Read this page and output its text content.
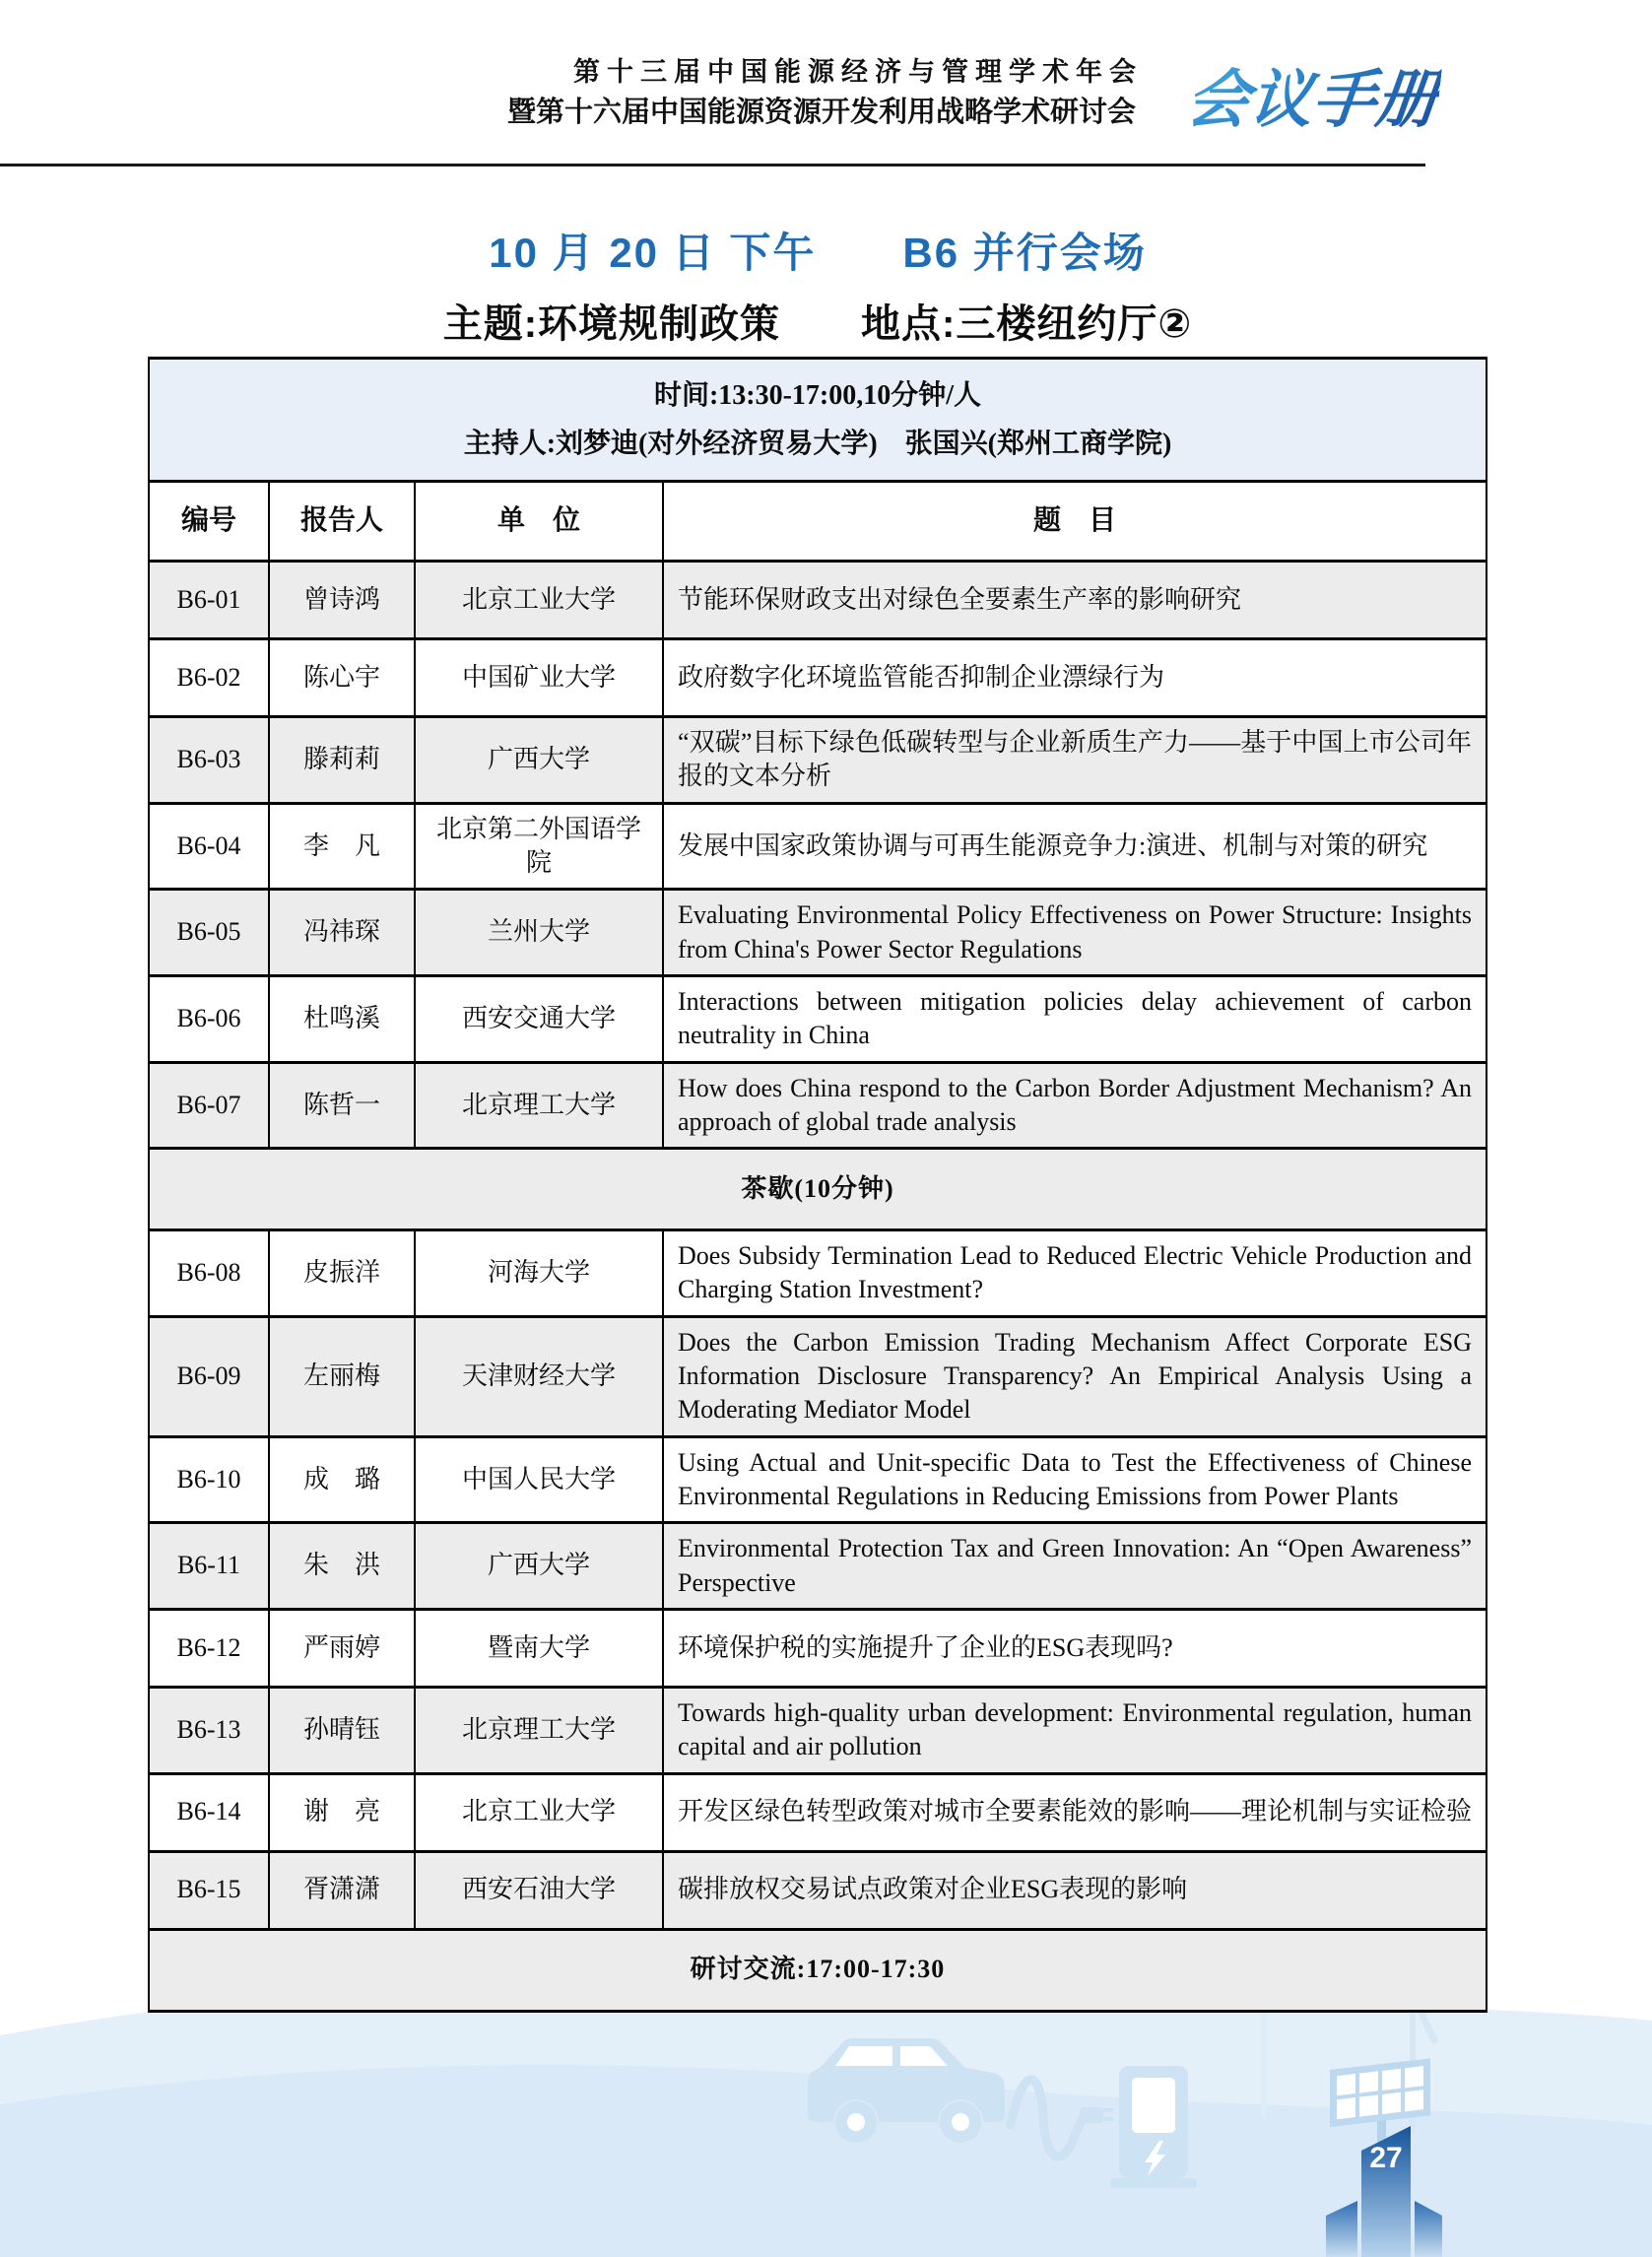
第十三届中国能源经济与管理学术年会
暨第十六届中国能源资源开发利用战略学术研讨会 会议手册
10 月 20 日 下午　　B6 并行会场
主题:环境规制政策　　地点:三楼纽约厅②
时间:13:30-17:00,10分钟/人
主持人:刘梦迪(对外经济贸易大学)　张国兴(郑州工商学院)			

编号	报告人	单　位	题　目
B6-01	曾诗鸿	北京工业大学	节能环保财政支出对绿色全要素生产率的影响研究
B6-02	陈心宇	中国矿业大学	政府数字化环境监管能否抑制企业漂绿行为
B6-03	滕莉莉	广西大学	“双碳”目标下绿色低碳转型与企业新质生产力——基于中国上市公司年报的文本分析
B6-04	李　凡	北京第二外国语学院	发展中国家政策协调与可再生能源竞争力:演进、机制与对策的研究
B6-05	冯祎琛	兰州大学	Evaluating Environmental Policy Effectiveness on Power Structure: Insights from China's Power Sector Regulations
B6-06	杜鸣溪	西安交通大学	Interactions between mitigation policies delay achievement of carbon neutrality in China
B6-07	陈哲一	北京理工大学	How does China respond to the Carbon Border Adjustment Mechanism? An approach of global trade analysis
茶歇(10分钟)			
B6-08	皮振洋	河海大学	Does Subsidy Termination Lead to Reduced Electric Vehicle Production and Charging Station Investment?
B6-09	左丽梅	天津财经大学	Does the Carbon Emission Trading Mechanism Affect Corporate ESG Information Disclosure Transparency? An Empirical Analysis Using a Moderating Mediator Model
B6-10	成　璐	中国人民大学	Using Actual and Unit-specific Data to Test the Effectiveness of Chinese Environmental Regulations in Reducing Emissions from Power Plants
B6-11	朱　洪	广西大学	Environmental Protection Tax and Green Innovation: An “Open Awareness” Perspective
B6-12	严雨婷	暨南大学	环境保护税的实施提升了企业的ESG表现吗?
B6-13	孙晴钰	北京理工大学	Towards high-quality urban development: Environmental regulation, human capital and air pollution
B6-14	谢　亮	北京工业大学	开发区绿色转型政策对城市全要素能效的影响——理论机制与实证检验
B6-15	胥潇潇	西安石油大学	碳排放权交易试点政策对企业ESG表现的影响
研讨交流:17:00-17:30			
27
